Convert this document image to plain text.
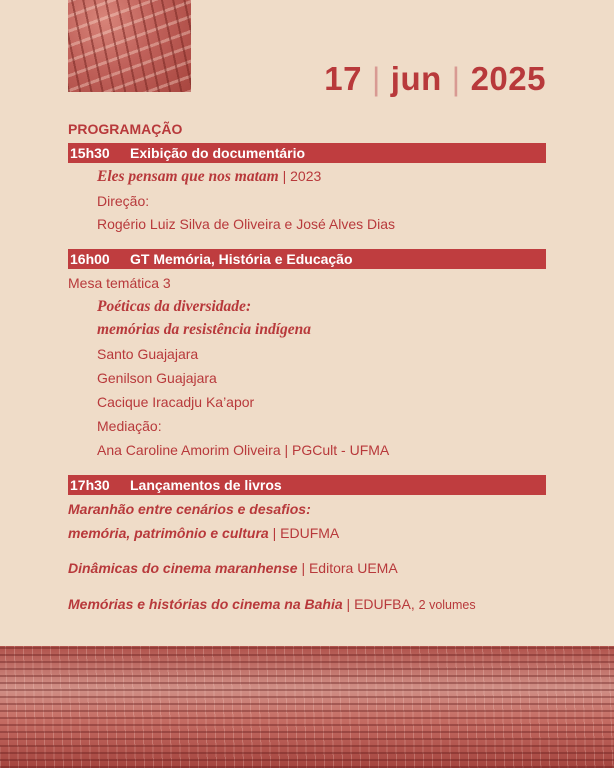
17 | jun | 2025
PROGRAMAÇÃO
15h30	Exibição do documentário
Eles pensam que nos matam | 2023
Direção:
Rogério Luiz Silva de Oliveira e José Alves Dias
16h00	GT Memória, História e Educação
Mesa temática 3
Poéticas da diversidade:
memórias da resistência indígena
Santo Guajajara
Genilson Guajajara
Cacique Iracadju Ka’apor
Mediação:
Ana Caroline Amorim Oliveira | PGCult - UFMA
17h30	Lançamentos de livros
Maranhão entre cenários e desafios:
memória, patrimônio e cultura | EDUFMA
Dinâmicas do cinema maranhense | Editora UEMA
Memórias e histórias do cinema na Bahia | EDUFBA, 2 volumes
